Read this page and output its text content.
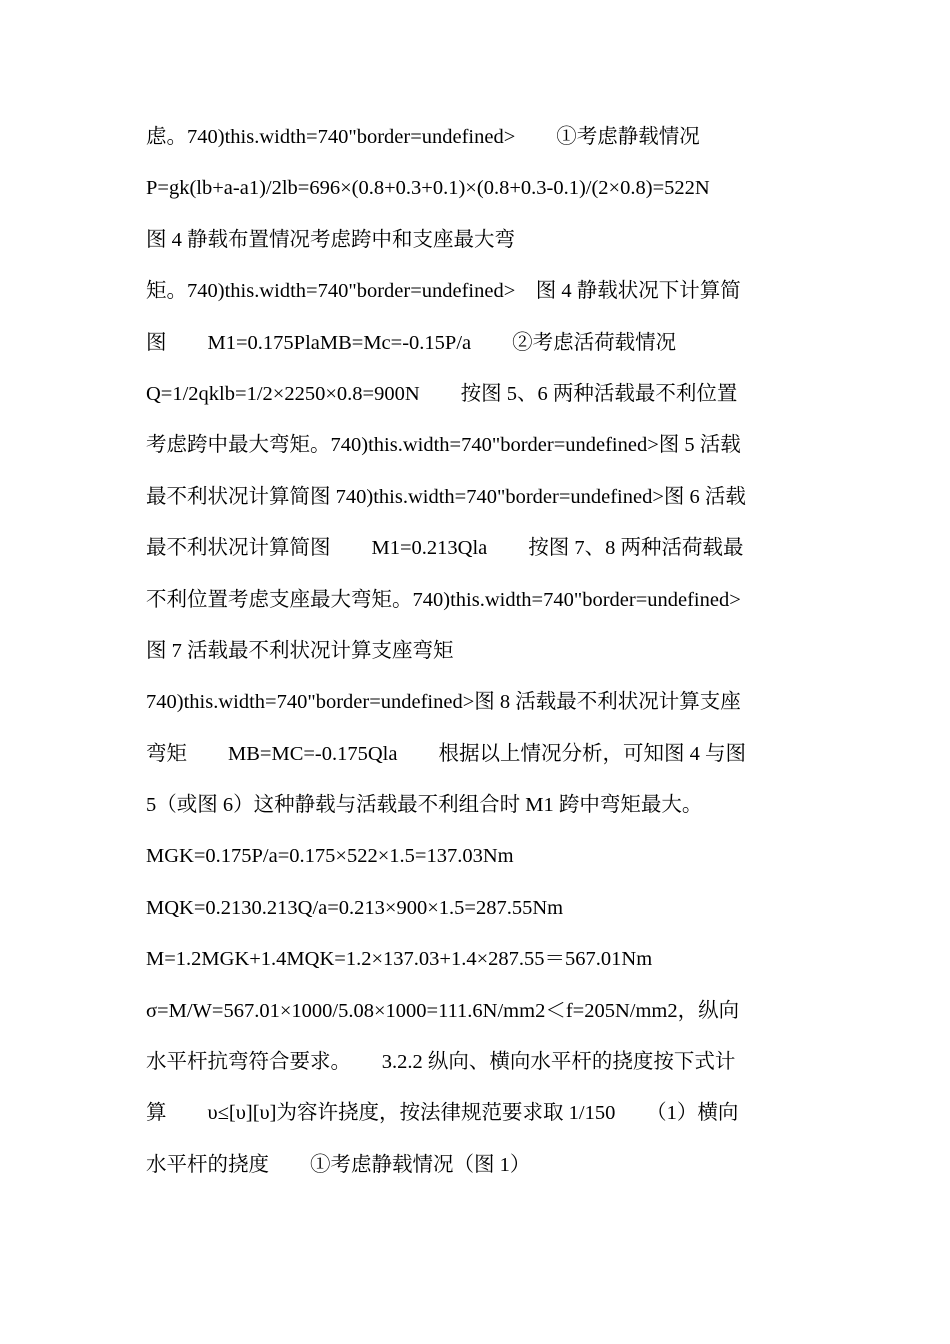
虑。740)this.width=740"border=undefined>　　①考虑静载情况
P=gk(lb+a-a1)/2lb=696×(0.8+0.3+0.1)×(0.8+0.3-0.1)/(2×0.8)=522N
图 4 静载布置情况考虑跨中和支座最大弯
矩。740)this.width=740"border=undefined>　图 4 静载状况下计算简
图　　M1=0.175PlaMB=Mc=-0.15P/a　　②考虑活荷载情况
Q=1/2qklb=1/2×2250×0.8=900N　　按图 5、6 两种活载最不利位置
考虑跨中最大弯矩。740)this.width=740"border=undefined>图 5 活载
最不利状况计算简图 740)this.width=740"border=undefined>图 6 活载
最不利状况计算简图　　M1=0.213Qla　　按图 7、8 两种活荷载最
不利位置考虑支座最大弯矩。740)this.width=740"border=undefined>
图 7 活载最不利状况计算支座弯矩
740)this.width=740"border=undefined>图 8 活载最不利状况计算支座
弯矩　　MB=MC=-0.175Qla　　根据以上情况分析，可知图 4 与图
5（或图 6）这种静载与活载最不利组合时 M1 跨中弯矩最大。
MGK=0.175P/a=0.175×522×1.5=137.03Nm
MQK=0.2130.213Q/a=0.213×900×1.5=287.55Nm
M=1.2MGK+1.4MQK=1.2×137.03+1.4×287.55＝567.01Nm
σ=M/W=567.01×1000/5.08×1000=111.6N/mm2＜f=205N/mm2，纵向
水平杆抗弯符合要求。　　3.2.2 纵向、横向水平杆的挠度按下式计
算　　υ≤[υ][υ]为容许挠度，按法律规范要求取 1/150　　（1）横向
水平杆的挠度　　①考虑静载情况（图 1）
